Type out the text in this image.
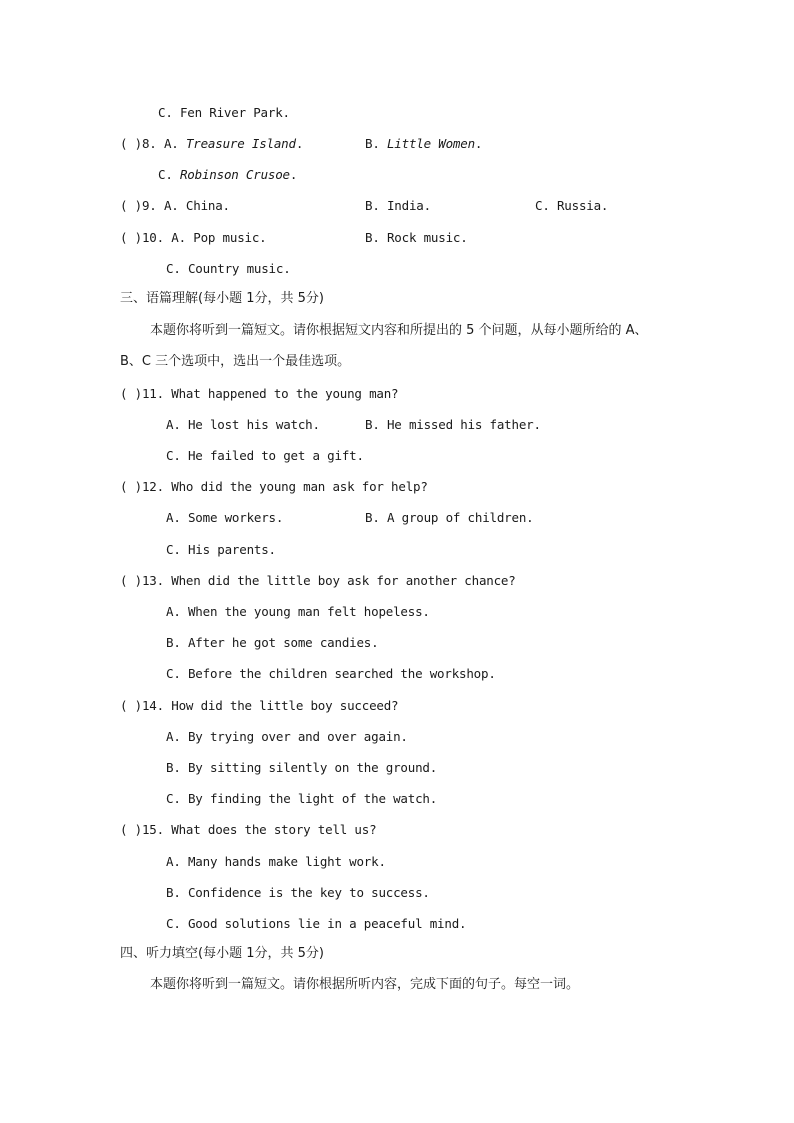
C. Fen River Park.
( )8. A. Treasure Island.	B. Little Women.
C. Robinson Crusoe.
( )9. A. China.	B. India.	C. Russia.
( )10. A. Pop music.	B. Rock music.
C. Country music.
三、语篇理解(每小题 1分，共 5分)
本题你将听到一篇短文。请你根据短文内容和所提出的 5 个问题，从每小题所给的 A、
B、C 三个选项中，选出一个最佳选项。
( )11. What happened to the young man?
A. He lost his watch.	B. He missed his father.
C. He failed to get a gift.
( )12. Who did the young man ask for help?
A. Some workers.	B. A group of children.
C. His parents.
( )13. When did the little boy ask for another chance?
A. When the young man felt hopeless.
B. After he got some candies.
C. Before the children searched the workshop.
( )14. How did the little boy succeed?
A. By trying over and over again.
B. By sitting silently on the ground.
C. By finding the light of the watch.
( )15. What does the story tell us?
A. Many hands make light work.
B. Confidence is the key to success.
C. Good solutions lie in a peaceful mind.
四、听力填空(每小题 1分，共 5分)
本题你将听到一篇短文。请你根据所听内容，完成下面的句子。每空一词。
